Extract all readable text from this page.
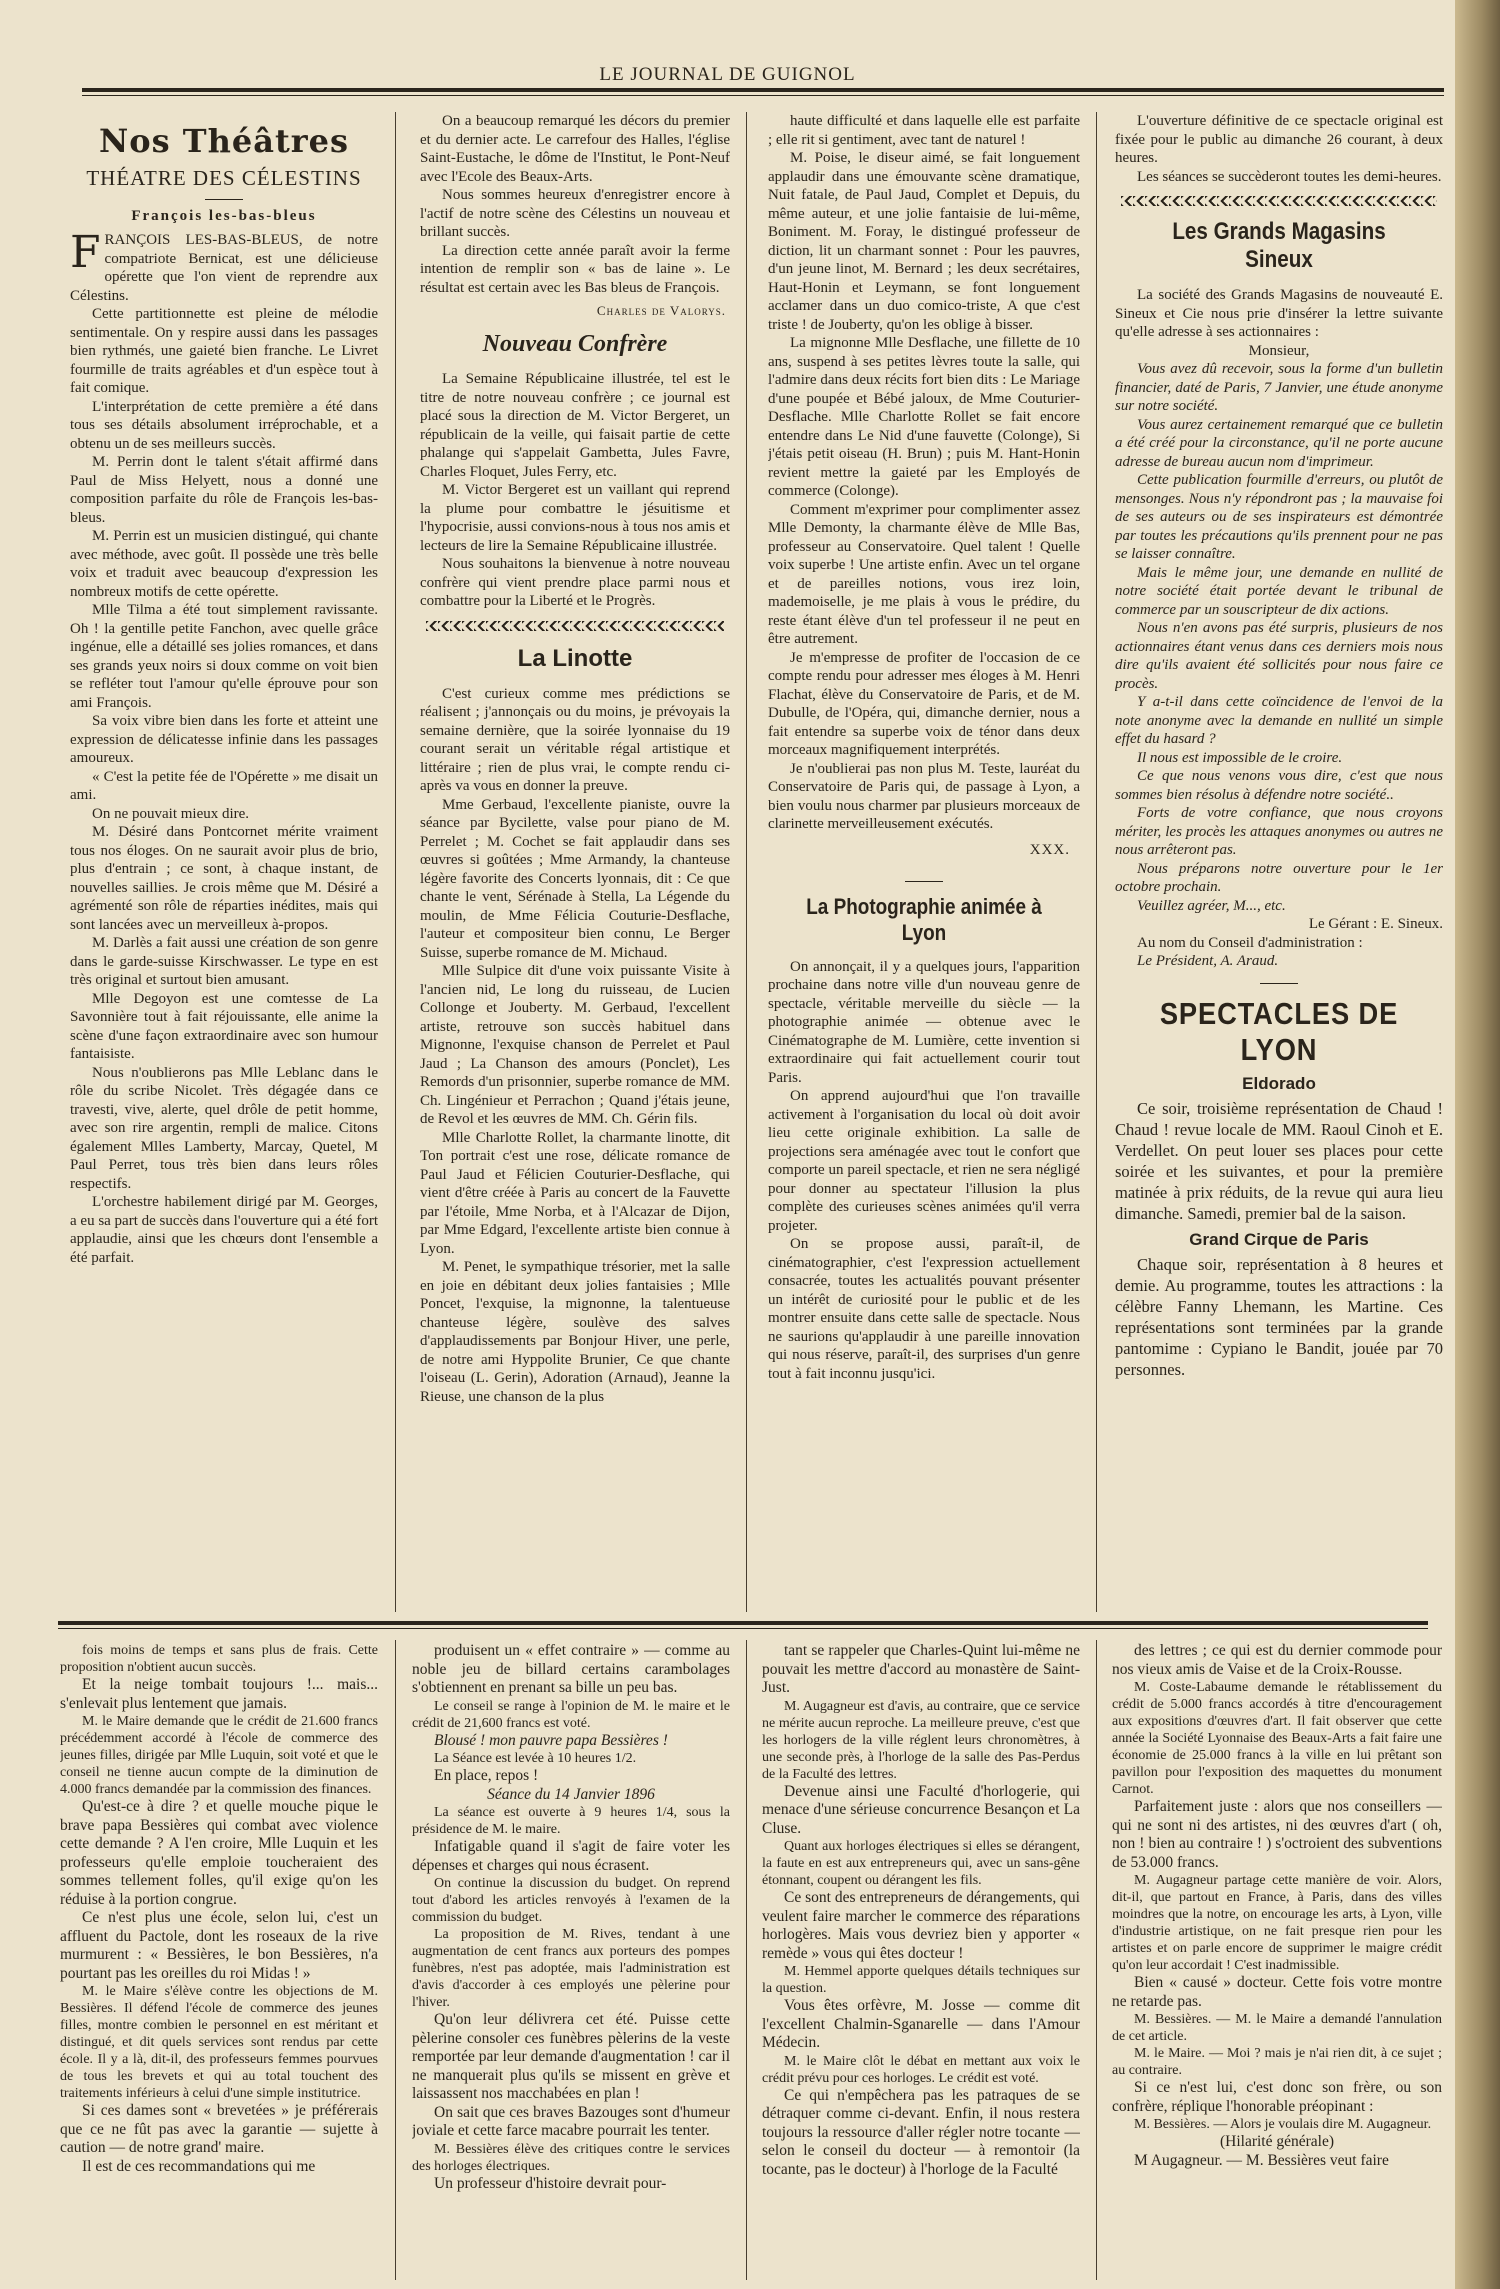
LE JOURNAL DE GUIGNOL
Nos Théâtres
THÉATRE DES CÉLESTINS
François les-bas-bleus

FRANÇOIS LES-BAS-BLEUS, de notre compatriote Bernicat, est une délicieuse opérette que l'on vient de reprendre aux Célestins.

Cette partitionnette est pleine de mélodie sentimentale. On y respire aussi dans les passages bien rythmés, une gaieté bien franche. Le Livret fourmille de traits agréables et d'un espèce tout à fait comique.

L'interprétation de cette première a été dans tous ses détails absolument irréprochable, et a obtenu un de ses meilleurs succès.

M. Perrin dont le talent s'était affirmé dans Paul de Miss Helyett, nous a donné une composition parfaite du rôle de François les-bas-bleus.

M. Perrin est un musicien distingué, qui chante avec méthode, avec goût. Il possède une très belle voix et traduit avec beaucoup d'expression les nombreux motifs de cette opérette.

Mlle Tilma a été tout simplement ravissante. Oh ! la gentille petite Fanchon, avec quelle grâce ingénue, elle a détaillé ses jolies romances, et dans ses grands yeux noirs si doux comme on voit bien se refléter tout l'amour qu'elle éprouve pour son ami François.

Sa voix vibre bien dans les forte et atteint une expression de délicatesse infinie dans les passages amoureux.

« C'est la petite fée de l'Opérette » me disait un ami.

On ne pouvait mieux dire.

M. Désiré dans Pontcornet mérite vraiment tous nos éloges. On ne saurait avoir plus de brio, plus d'entrain ; ce sont, à chaque instant, de nouvelles saillies. Je crois même que M. Désiré a agrémenté son rôle de réparties inédites, mais qui sont lancées avec un merveilleux à-propos.

M. Darlès a fait aussi une création de son genre dans le garde-suisse Kirschwasser. Le type en est très original et surtout bien amusant.

Mlle Degoyon est une comtesse de La Savonnière tout à fait réjouissante, elle anime la scène d'une façon extraordinaire avec son humour fantaisiste.

Nous n'oublierons pas Mlle Leblanc dans le rôle du scribe Nicolet. Très dégagée dans ce travesti, vive, alerte, quel drôle de petit homme, avec son rire argentin, rempli de malice. Citons également Mlles Lamberty, Marcay, Quetel, M Paul Perret, tous très bien dans leurs rôles respectifs.

L'orchestre habilement dirigé par M. Georges, a eu sa part de succès dans l'ouverture qui a été fort applaudie, ainsi que les chœurs dont l'ensemble a été parfait.

On a beaucoup remarqué les décors du premier et du dernier acte. Le carrefour des Halles, l'église Saint-Eustache, le dôme de l'Institut, le Pont-Neuf avec l'Ecole des Beaux-Arts.

Nous sommes heureux d'enregistrer encore à l'actif de notre scène des Célestins un nouveau et brillant succès.

La direction cette année paraît avoir la ferme intention de remplir son « bas de laine ». Le résultat est certain avec les Bas bleus de François.

Charles de Valorys.
Nouveau Confrère

La Semaine Républicaine illustrée, tel est le titre de notre nouveau confrère ; ce journal est placé sous la direction de M. Victor Bergeret, un républicain de la veille, qui faisait partie de cette phalange qui s'appelait Gambetta, Jules Favre, Charles Floquet, Jules Ferry, etc.

M. Victor Bergeret est un vaillant qui reprend la plume pour combattre le jésuitisme et l'hypocrisie, aussi convions-nous à tous nos amis et lecteurs de lire la Semaine Républicaine illustrée.

Nous souhaitons la bienvenue à notre nouveau confrère qui vient prendre place parmi nous et combattre pour la Liberté et le Progrès.

La Linotte

C'est curieux comme mes prédictions se réalisent ; j'annonçais ou du moins, je prévoyais la semaine dernière, que la soirée lyonnaise du 19 courant serait un véritable régal artistique et littéraire ; rien de plus vrai, le compte rendu ci-après va vous en donner la preuve.

Mme Gerbaud, l'excellente pianiste, ouvre la séance par Bycilette, valse pour piano de M. Perrelet ; M. Cochet se fait applaudir dans ses œuvres si goûtées ; Mme Armandy, la chanteuse légère favorite des Concerts lyonnais, dit : Ce que chante le vent, Sérénade à Stella, La Légende du moulin, de Mme Félicia Couturie-Desflache, l'auteur et compositeur bien connu, Le Berger Suisse, superbe romance de M. Michaud.

Mlle Sulpice dit d'une voix puissante Visite à l'ancien nid, Le long du ruisseau, de Lucien Collonge et Jouberty. M. Gerbaud, l'excellent artiste, retrouve son succès habituel dans Mignonne, l'exquise chanson de Perrelet et Paul Jaud ; La Chanson des amours (Ponclet), Les Remords d'un prisonnier, superbe romance de MM. Ch. Lingénieur et Perrachon ; Quand j'étais jeune, de Revol et les œuvres de MM. Ch. Gérin fils.

Mlle Charlotte Rollet, la charmante linotte, dit Ton portrait c'est une rose, délicate romance de Paul Jaud et Félicien Couturier-Desflache, qui vient d'être créée à Paris au concert de la Fauvette par l'étoile, Mme Norba, et à l'Alcazar de Dijon, par Mme Edgard, l'excellente artiste bien connue à Lyon.

M. Penet, le sympathique trésorier, met la salle en joie en débitant deux jolies fantaisies ; Mlle Poncet, l'exquise, la mignonne, la talentueuse chanteuse légère, soulève des salves d'applaudissements par Bonjour Hiver, une perle, de notre ami Hyppolite Brunier, Ce que chante l'oiseau (L. Gerin), Adoration (Arnaud), Jeanne la Rieuse, une chanson de la plus

haute difficulté et dans laquelle elle est parfaite ; elle rit si gentiment, avec tant de naturel !

M. Poise, le diseur aimé, se fait longuement applaudir dans une émouvante scène dramatique, Nuit fatale, de Paul Jaud, Complet et Depuis, du même auteur, et une jolie fantaisie de lui-même, Boniment. M. Foray, le distingué professeur de diction, lit un charmant sonnet : Pour les pauvres, d'un jeune linot, M. Bernard ; les deux secrétaires, Haut-Honin et Leymann, se font longuement acclamer dans un duo comico-triste, A que c'est triste ! de Jouberty, qu'on les oblige à bisser.

La mignonne Mlle Desflache, une fillette de 10 ans, suspend à ses petites lèvres toute la salle, qui l'admire dans deux récits fort bien dits : Le Mariage d'une poupée et Bébé jaloux, de Mme Couturier-Desflache. Mlle Charlotte Rollet se fait encore entendre dans Le Nid d'une fauvette (Colonge), Si j'étais petit oiseau (H. Brun) ; puis M. Hant-Honin revient mettre la gaieté par les Employés de commerce (Colonge).

Comment m'exprimer pour complimenter assez Mlle Demonty, la charmante élève de Mlle Bas, professeur au Conservatoire. Quel talent ! Quelle voix superbe ! Une artiste enfin. Avec un tel organe et de pareilles notions, vous irez loin, mademoiselle, je me plais à vous le prédire, du reste étant élève d'un tel professeur il ne peut en être autrement.

Je m'empresse de profiter de l'occasion de ce compte rendu pour adresser mes éloges à M. Henri Flachat, élève du Conservatoire de Paris, et de M. Dubulle, de l'Opéra, qui, dimanche dernier, nous a fait entendre sa superbe voix de ténor dans deux morceaux magnifiquement interprétés.

Je n'oublierai pas non plus M. Teste, lauréat du Conservatoire de Paris qui, de passage à Lyon, a bien voulu nous charmer par plusieurs morceaux de clarinette merveilleusement exécutés.

XXX.
La Photographie animée à Lyon

On annonçait, il y a quelques jours, l'apparition prochaine dans notre ville d'un nouveau genre de spectacle, véritable merveille du siècle — la photographie animée — obtenue avec le Cinématographe de M. Lumière, cette invention si extraordinaire qui fait actuellement courir tout Paris.

On apprend aujourd'hui que l'on travaille activement à l'organisation du local où doit avoir lieu cette originale exhibition. La salle de projections sera aménagée avec tout le confort que comporte un pareil spectacle, et rien ne sera négligé pour donner au spectateur l'illusion la plus complète des curieuses scènes animées qu'il verra projeter.

On se propose aussi, paraît-il, de cinématographier, c'est l'expression actuellement consacrée, toutes les actualités pouvant présenter un intérêt de curiosité pour le public et de les montrer ensuite dans cette salle de spectacle. Nous ne saurions qu'applaudir à une pareille innovation qui nous réserve, paraît-il, des surprises d'un genre tout à fait inconnu jusqu'ici.

L'ouverture définitive de ce spectacle original est fixée pour le public au dimanche 26 courant, à deux heures.

Les séances se succèderont toutes les demi-heures.

Les Grands Magasins Sineux

La société des Grands Magasins de nouveauté E. Sineux et Cie nous prie d'insérer la lettre suivante qu'elle adresse à ses actionnaires :

Monsieur,

Vous avez dû recevoir, sous la forme d'un bulletin financier, daté de Paris, 7 Janvier, une étude anonyme sur notre société.

Vous aurez certainement remarqué que ce bulletin a été créé pour la circonstance, qu'il ne porte aucune adresse de bureau aucun nom d'imprimeur.

Cette publication fourmille d'erreurs, ou plutôt de mensonges. Nous n'y répondront pas ; la mauvaise foi de ses auteurs ou de ses inspirateurs est démontrée par toutes les précautions qu'ils prennent pour ne pas se laisser connaître.

Mais le même jour, une demande en nullité de notre société était portée devant le tribunal de commerce par un souscripteur de dix actions.

Nous n'en avons pas été surpris, plusieurs de nos actionnaires étant venus dans ces derniers mois nous dire qu'ils avaient été sollicités pour nous faire ce procès.

Y a-t-il dans cette coïncidence de l'envoi de la note anonyme avec la demande en nullité un simple effet du hasard ?

Il nous est impossible de le croire.

Ce que nous venons vous dire, c'est que nous sommes bien résolus à défendre notre société..

Forts de votre confiance, que nous croyons mériter, les procès les attaques anonymes ou autres ne nous arrêteront pas.

Nous préparons notre ouverture pour le 1er octobre prochain.

Veuillez agréer, M..., etc.

Le Gérant : E. Sineux.

Au nom du Conseil d'administration :

Le Président, A. Araud.

SPECTACLES DE LYON
Eldorado

Ce soir, troisième représentation de Chaud ! Chaud ! revue locale de MM. Raoul Cinoh et E. Verdellet. On peut louer ses places pour cette soirée et les suivantes, et pour la première matinée à prix réduits, de la revue qui aura lieu dimanche. Samedi, premier bal de la saison.

Grand Cirque de Paris

Chaque soir, représentation à 8 heures et demie. Au programme, toutes les attractions : la célèbre Fanny Lhemann, les Martine. Ces représentations sont terminées par la grande pantomime : Cypiano le Bandit, jouée par 70 personnes.

fois moins de temps et sans plus de frais. Cette proposition n'obtient aucun succès.

Et la neige tombait toujours !... mais... s'enlevait plus lentement que jamais.

M. le Maire demande que le crédit de 21.600 francs précédemment accordé à l'école de commerce des jeunes filles, dirigée par Mlle Luquin, soit voté et que le conseil ne tienne aucun compte de la diminution de 4.000 francs demandée par la commission des finances.

Qu'est-ce à dire ? et quelle mouche pique le brave papa Bessières qui combat avec violence cette demande ? A l'en croire, Mlle Luquin et les professeurs qu'elle emploie toucheraient des sommes tellement folles, qu'il exige qu'on les réduise à la portion congrue.

Ce n'est plus une école, selon lui, c'est un affluent du Pactole, dont les roseaux de la rive murmurent : « Bessières, le bon Bessières, n'a pourtant pas les oreilles du roi Midas ! »

M. le Maire s'élève contre les objections de M. Bessières. Il défend l'école de commerce des jeunes filles, montre combien le personnel en est méritant et distingué, et dit quels services sont rendus par cette école. Il y a là, dit-il, des professeurs femmes pourvues de tous les brevets et qui au total touchent des traitements inférieurs à celui d'une simple institutrice.

Si ces dames sont « brevetées » je préférerais que ce ne fût pas avec la garantie — sujette à caution — de notre grand' maire.

Il est de ces recommandations qui me

produisent un « effet contraire » — comme au noble jeu de billard certains carambolages s'obtiennent en prenant sa bille un peu bas.

Le conseil se range à l'opinion de M. le maire et le crédit de 21,600 francs est voté.

Blousé ! mon pauvre papa Bessières !

La Séance est levée à 10 heures 1/2.

En place, repos !

Séance du 14 Janvier 1896

La séance est ouverte à 9 heures 1/4, sous la présidence de M. le maire.

Infatigable quand il s'agit de faire voter les dépenses et charges qui nous écrasent.

On continue la discussion du budget. On reprend tout d'abord les articles renvoyés à l'examen de la commission du budget.

La proposition de M. Rives, tendant à une augmentation de cent francs aux porteurs des pompes funèbres, n'est pas adoptée, mais l'administration est d'avis d'accorder à ces employés une pèlerine pour l'hiver.

Qu'on leur délivrera cet été. Puisse cette pèlerine consoler ces funèbres pèlerins de la veste remportée par leur demande d'augmentation ! car il ne manquerait plus qu'ils se missent en grève et laissassent nos macchabées en plan !

On sait que ces braves Bazouges sont d'humeur joviale et cette farce macabre pourrait les tenter.

M. Bessières élève des critiques contre le services des horloges électriques.

Un professeur d'histoire devrait pour-

tant se rappeler que Charles-Quint lui-même ne pouvait les mettre d'accord au monastère de Saint-Just.

M. Augagneur est d'avis, au contraire, que ce service ne mérite aucun reproche. La meilleure preuve, c'est que les horlogers de la ville réglent leurs chronomètres, à une seconde près, à l'horloge de la salle des Pas-Perdus de la Faculté des lettres.

Devenue ainsi une Faculté d'horlogerie, qui menace d'une sérieuse concurrence Besançon et La Cluse.

Quant aux horloges électriques si elles se dérangent, la faute en est aux entrepreneurs qui, avec un sans-gêne étonnant, coupent ou dérangent les fils.

Ce sont des entrepreneurs de dérangements, qui veulent faire marcher le commerce des réparations horlogères. Mais vous devriez bien y apporter « remède » vous qui êtes docteur !

M. Hemmel apporte quelques détails techniques sur la question.

Vous êtes orfèvre, M. Josse — comme dit l'excellent Chalmin-Sganarelle — dans l'Amour Médecin.

M. le Maire clôt le débat en mettant aux voix le crédit prévu pour ces horloges. Le crédit est voté.

Ce qui n'empêchera pas les patraques de se détraquer comme ci-devant. Enfin, il nous restera toujours la ressource d'aller régler notre tocante — selon le conseil du docteur — à remontoir (la tocante, pas le docteur) à l'horloge de la Faculté

des lettres ; ce qui est du dernier commode pour nos vieux amis de Vaise et de la Croix-Rousse.

M. Coste-Labaume demande le rétablissement du crédit de 5.000 francs accordés à titre d'encouragement aux expositions d'œuvres d'art. Il fait observer que cette année la Société Lyonnaise des Beaux-Arts a fait faire une économie de 25.000 francs à la ville en lui prêtant son pavillon pour l'exposition des maquettes du monument Carnot.

Parfaitement juste : alors que nos conseillers — qui ne sont ni des artistes, ni des œuvres d'art ( oh, non ! bien au contraire ! ) s'octroient des subventions de 53.000 francs.

M. Augagneur partage cette manière de voir. Alors, dit-il, que partout en France, à Paris, dans des villes moindres que la notre, on encourage les arts, à Lyon, ville d'industrie artistique, on ne fait presque rien pour les artistes et on parle encore de supprimer le maigre crédit qu'on leur accordait ! C'est inadmissible.

Bien « causé » docteur. Cette fois votre montre ne retarde pas.

M. Bessières. — M. le Maire a demandé l'annulation de cet article.

M. le Maire. — Moi ? mais je n'ai rien dit, à ce sujet ; au contraire.

Si ce n'est lui, c'est donc son frère, ou son confrère, réplique l'honorable préopinant :

M. Bessières. — Alors je voulais dire M. Augagneur.

(Hilarité générale)

M Augagneur. — M. Bessières veut faire
